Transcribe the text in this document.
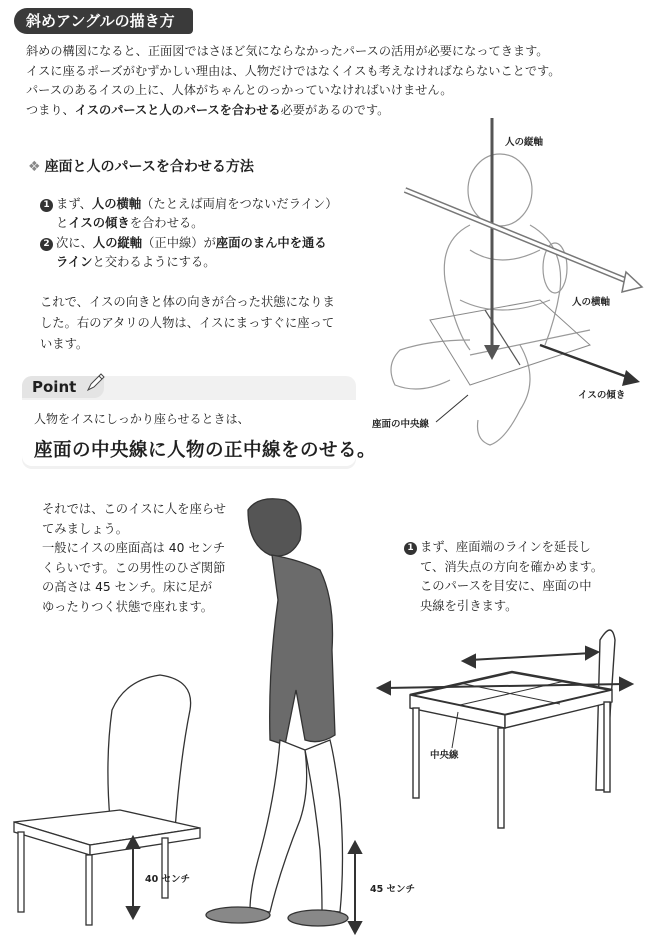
斜めアングルの描き方
斜めの構図になると、正面図ではさほど気にならなかったパースの活用が必要になってきます。
イスに座るポーズがむずかしい理由は、人物だけではなくイスも考えなければならないことです。
パースのあるイスの上に、人体がちゃんとのっかっていなければいけません。
つまり、イスのパースと人のパースを合わせる必要があるのです。
❖ 座面と人のパースを合わせる方法
1 まず、人の横軸（たとえば両肩をつないだライン）
とイスの傾きを合わせる。
2 次に、人の縦軸（正中線）が座面のまん中を通る
ラインと交わるようにする。
これで、イスの向きと体の向きが合った状態になりま
した。右のアタリの人物は、イスにまっすぐに座って
います。
Point
人物をイスにしっかり座らせるときは、
座面の中央線に人物の正中線をのせる。
それでは、このイスに人を座らせ
てみましょう。
一般にイスの座面高は 40 センチ
くらいです。この男性のひざ関節
の高さは 45 センチ。床に足が
ゆったりつく状態で座れます。
1 まず、座面端のラインを延長し
て、消失点の方向を確かめます。
このパースを目安に、座面の中
央線を引きます。
人の縦軸
人の横軸
イスの傾き
座面の中央線
40 センチ
45 センチ
中央線
